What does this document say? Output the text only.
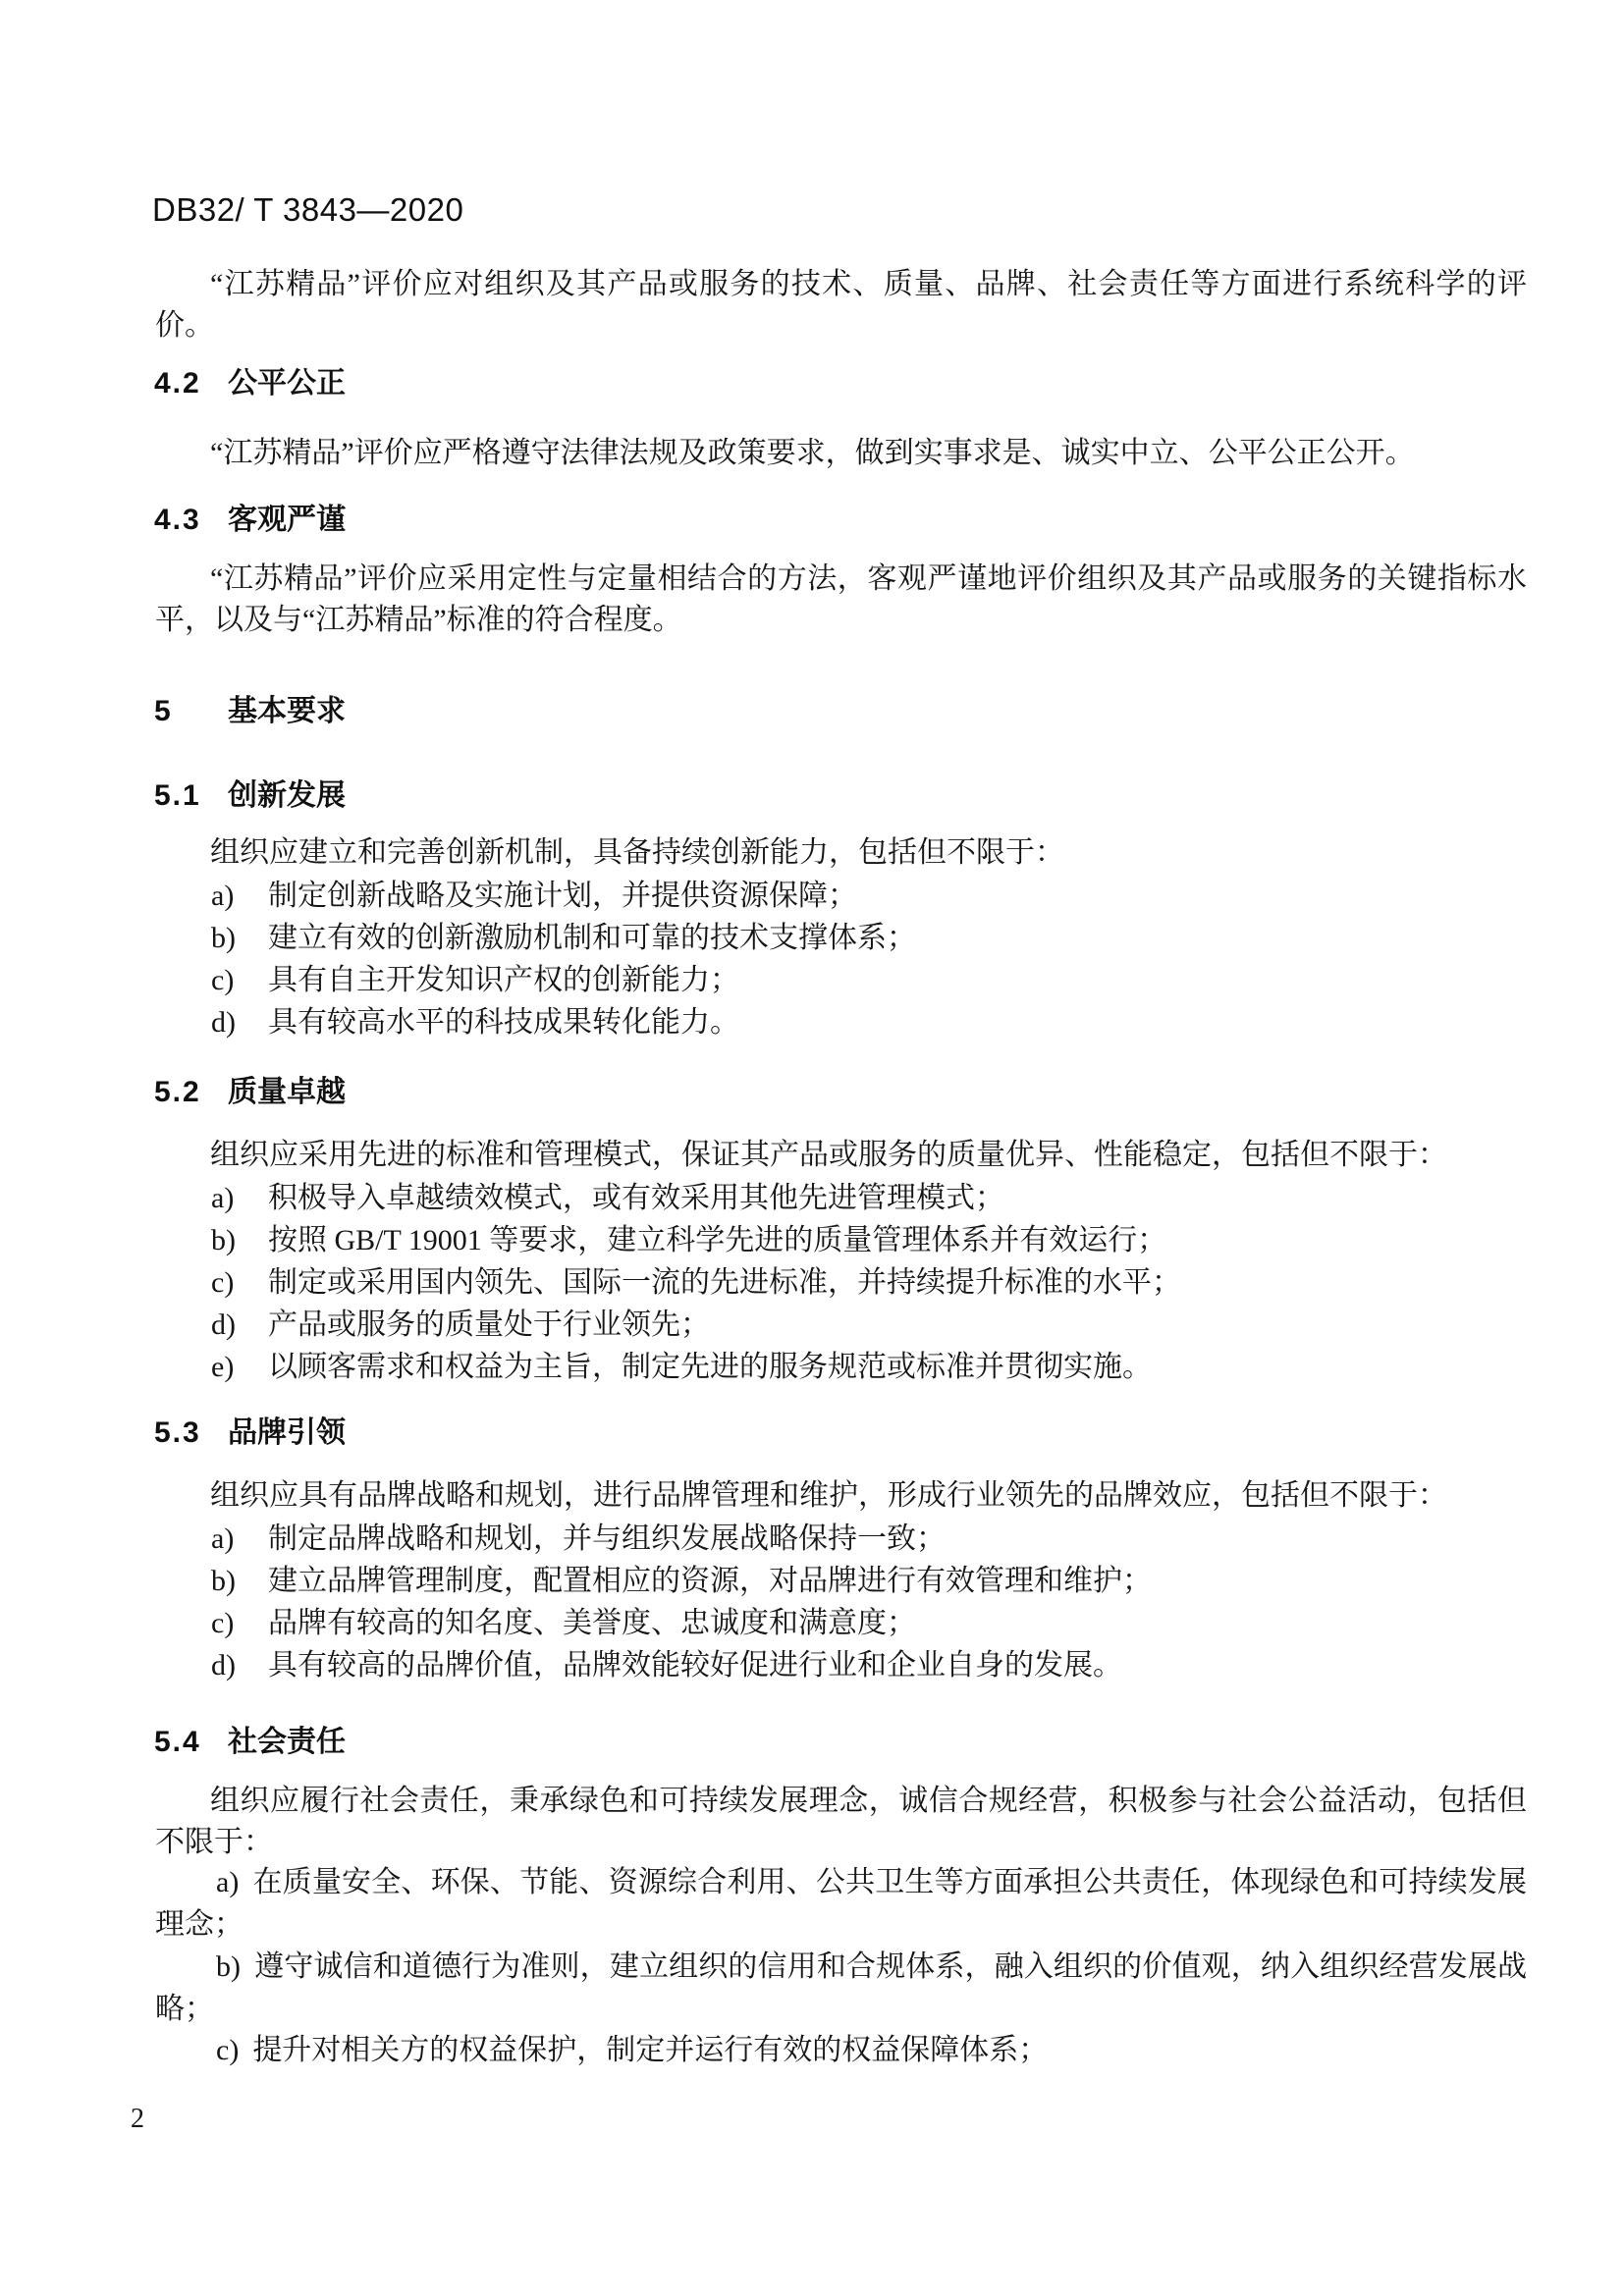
DB32/ T 3843—2020

“江苏精品”评价应对组织及其产品或服务的技术、质量、品牌、社会责任等方面进行系统科学的评价。

4.2 公平公正

“江苏精品”评价应严格遵守法律法规及政策要求，做到实事求是、诚实中立、公平公正公开。

4.3 客观严谨

“江苏精品”评价应采用定性与定量相结合的方法，客观严谨地评价组织及其产品或服务的关键指标水平，以及与“江苏精品”标准的符合程度。

5 基本要求
5.1 创新发展

组织应建立和完善创新机制，具备持续创新能力，包括但不限于：

a) 制定创新战略及实施计划，并提供资源保障；

b) 建立有效的创新激励机制和可靠的技术支撑体系；

c) 具有自主开发知识产权的创新能力；

d) 具有较高水平的科技成果转化能力。

5.2 质量卓越

组织应采用先进的标准和管理模式，保证其产品或服务的质量优异、性能稳定，包括但不限于：

a) 积极导入卓越绩效模式，或有效采用其他先进管理模式；

b) 按照 GB/T 19001 等要求，建立科学先进的质量管理体系并有效运行；

c) 制定或采用国内领先、国际一流的先进标准，并持续提升标准的水平；

d) 产品或服务的质量处于行业领先；

e) 以顾客需求和权益为主旨，制定先进的服务规范或标准并贯彻实施。

5.3 品牌引领

组织应具有品牌战略和规划，进行品牌管理和维护，形成行业领先的品牌效应，包括但不限于：

a) 制定品牌战略和规划，并与组织发展战略保持一致；

b) 建立品牌管理制度，配置相应的资源，对品牌进行有效管理和维护；

c) 品牌有较高的知名度、美誉度、忠诚度和满意度；

d) 具有较高的品牌价值，品牌效能较好促进行业和企业自身的发展。

5.4 社会责任

组织应履行社会责任，秉承绿色和可持续发展理念，诚信合规经营，积极参与社会公益活动，包括但不限于：

a) 在质量安全、环保、节能、资源综合利用、公共卫生等方面承担公共责任，体现绿色和可持续发展理念；

b) 遵守诚信和道德行为准则，建立组织的信用和合规体系，融入组织的价值观，纳入组织经营发展战略；

c) 提升对相关方的权益保护，制定并运行有效的权益保障体系；

2
